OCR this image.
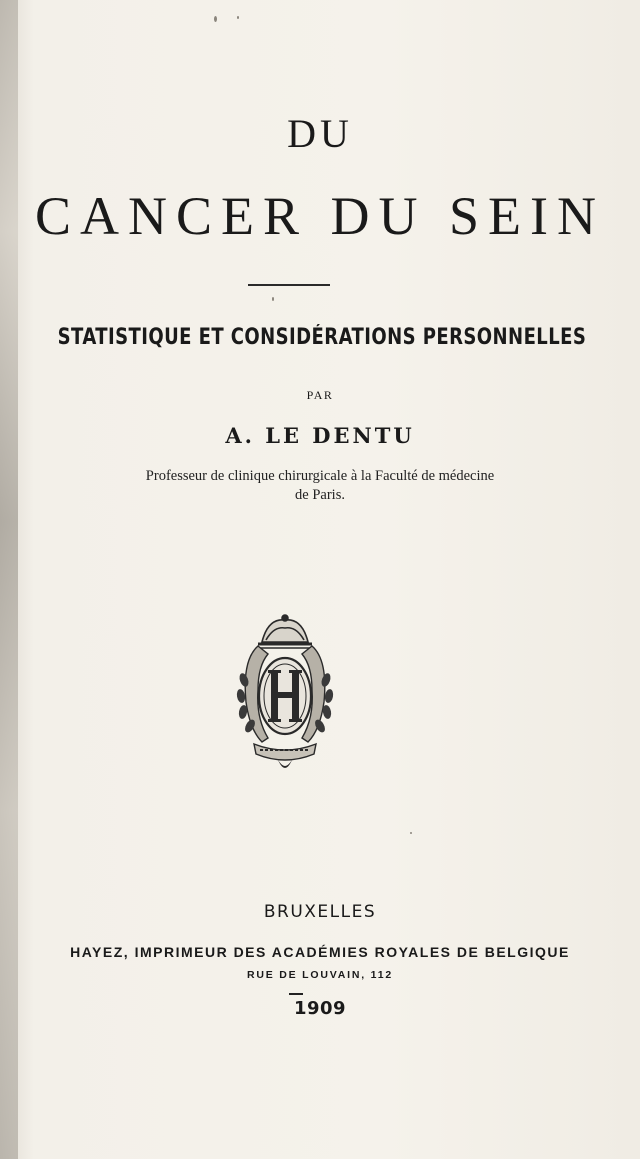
DU
CANCER DU SEIN
STATISTIQUE ET CONSIDÉRATIONS PERSONNELLES
PAR
A. LE DENTU
Professeur de clinique chirurgicale à la Faculté de médecine
de Paris.
BRUXELLES
HAYEZ, IMPRIMEUR DES ACADÉMIES ROYALES DE BELGIQUE
RUE DE LOUVAIN, 112
1909
